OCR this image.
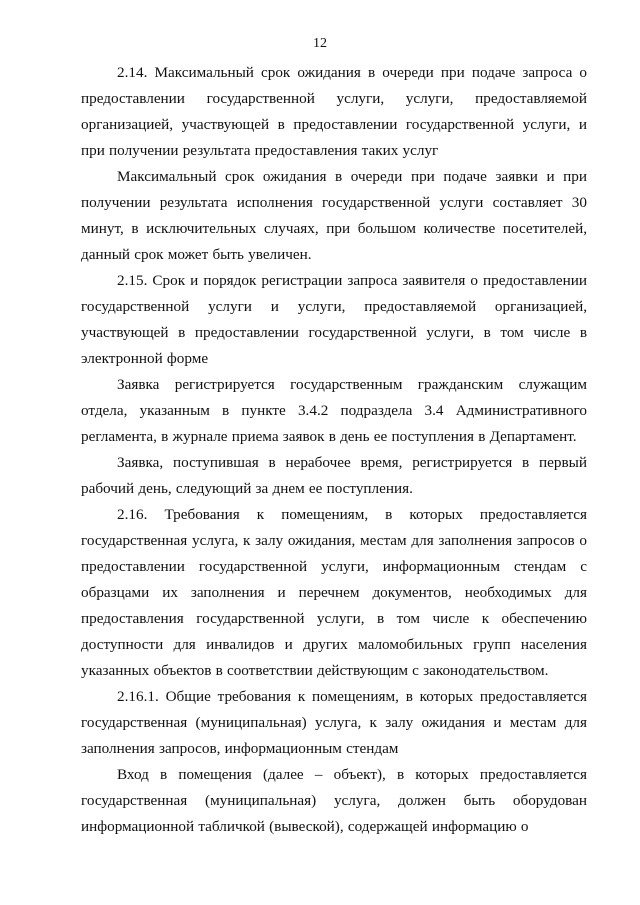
12

2.14. Максимальный срок ожидания в очереди при подаче запроса о предоставлении государственной услуги, услуги, предоставляемой организацией, участвующей в предоставлении государственной услуги, и при получении результата предоставления таких услуг

Максимальный срок ожидания в очереди при подаче заявки и при получении результата исполнения государственной услуги составляет 30 минут, в исключительных случаях, при большом количестве посетителей, данный срок может быть увеличен.

2.15. Срок и порядок регистрации запроса заявителя о предоставлении государственной услуги и услуги, предоставляемой организацией, участвующей в предоставлении государственной услуги, в том числе в электронной форме

Заявка регистрируется государственным гражданским служащим отдела, указанным в пункте 3.4.2 подраздела 3.4 Административного регламента, в журнале приема заявок в день ее поступления в Департамент.

Заявка, поступившая в нерабочее время, регистрируется в первый рабочий день, следующий за днем ее поступления.

2.16. Требования к помещениям, в которых предоставляется государственная услуга, к залу ожидания, местам для заполнения запросов о предоставлении государственной услуги, информационным стендам с образцами их заполнения и перечнем документов, необходимых для предоставления государственной услуги, в том числе к обеспечению доступности для инвалидов и других маломобильных групп населения указанных объектов в соответствии действующим с законодательством.

2.16.1. Общие требования к помещениям, в которых предоставляется государственная (муниципальная) услуга, к залу ожидания и местам для заполнения запросов, информационным стендам

Вход в помещения (далее – объект), в которых предоставляется государственная (муниципальная) услуга, должен быть оборудован информационной табличкой (вывеской), содержащей информацию о
